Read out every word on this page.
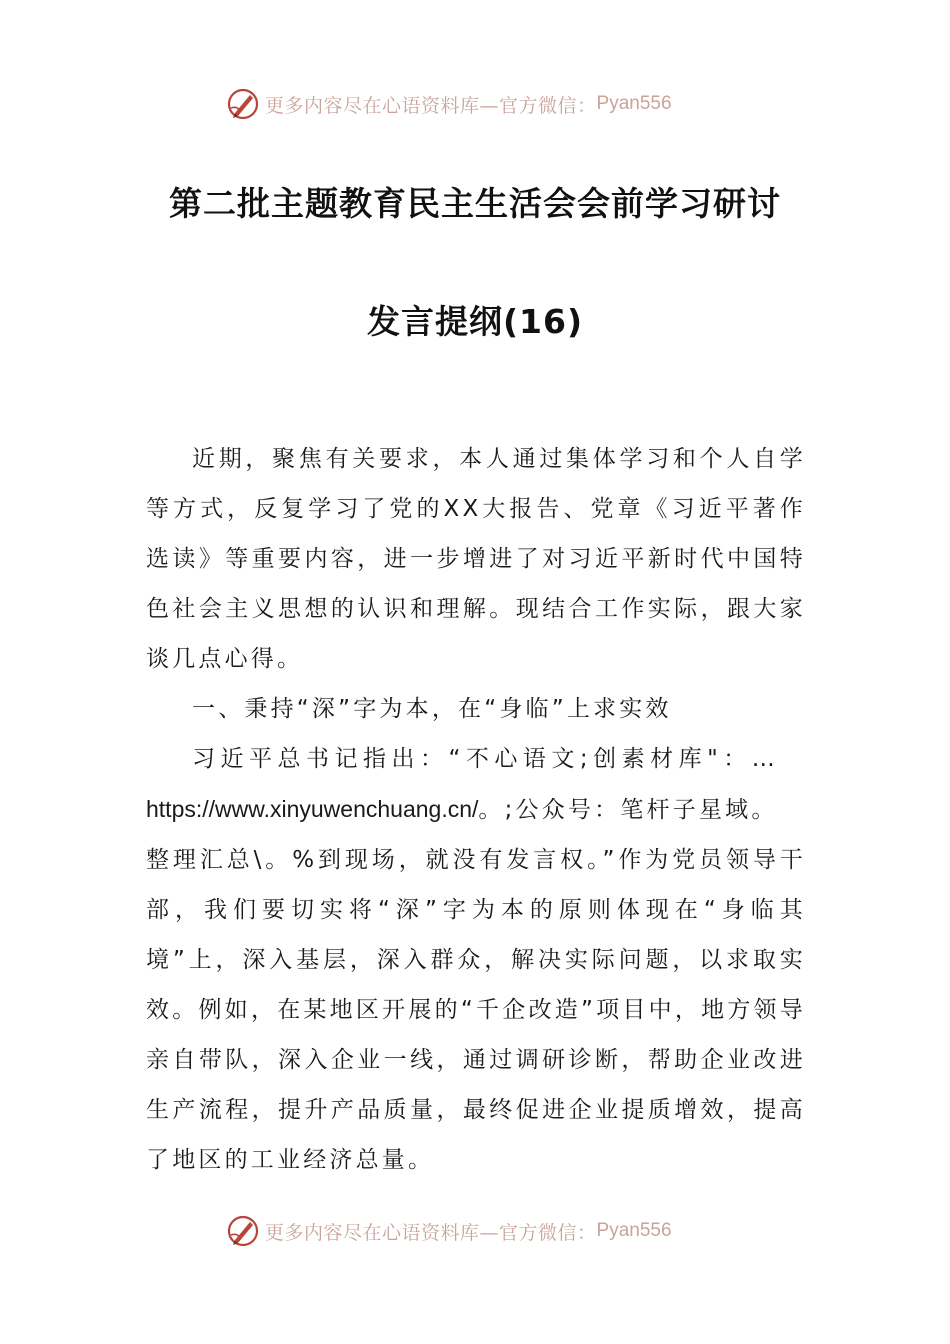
更多内容尽在心语资料库—官方微信： Pyan556
第二批主题教育民主生活会会前学习研讨
发言提纲(16)

近期，聚焦有关要求，本人通过集体学习和个人自学等方式，反复学习了党的XX大报告、党章《习近平著作选读》等重要内容，进一步增进了对习近平新时代中国特色社会主义思想的认识和理解。现结合工作实际，跟大家谈几点心得。

一、秉持“深”字为本，在“身临”上求实效

习近平总书记指出：“不心语文;创素材库"：…

https://www.xinyuwenchuang.cn/。;公众号：笔杆子星域。

整理汇总\。%到现场，就没有发言权。”作为党员领导干部，我们要切实将“深”字为本的原则体现在“身临其境”上，深入基层，深入群众，解决实际问题，以求取实效。例如，在某地区开展的“千企改造”项目中，地方领导亲自带队，深入企业一线，通过调研诊断，帮助企业改进生产流程，提升产品质量，最终促进企业提质增效，提高了地区的工业经济总量。

更多内容尽在心语资料库—官方微信： Pyan556
